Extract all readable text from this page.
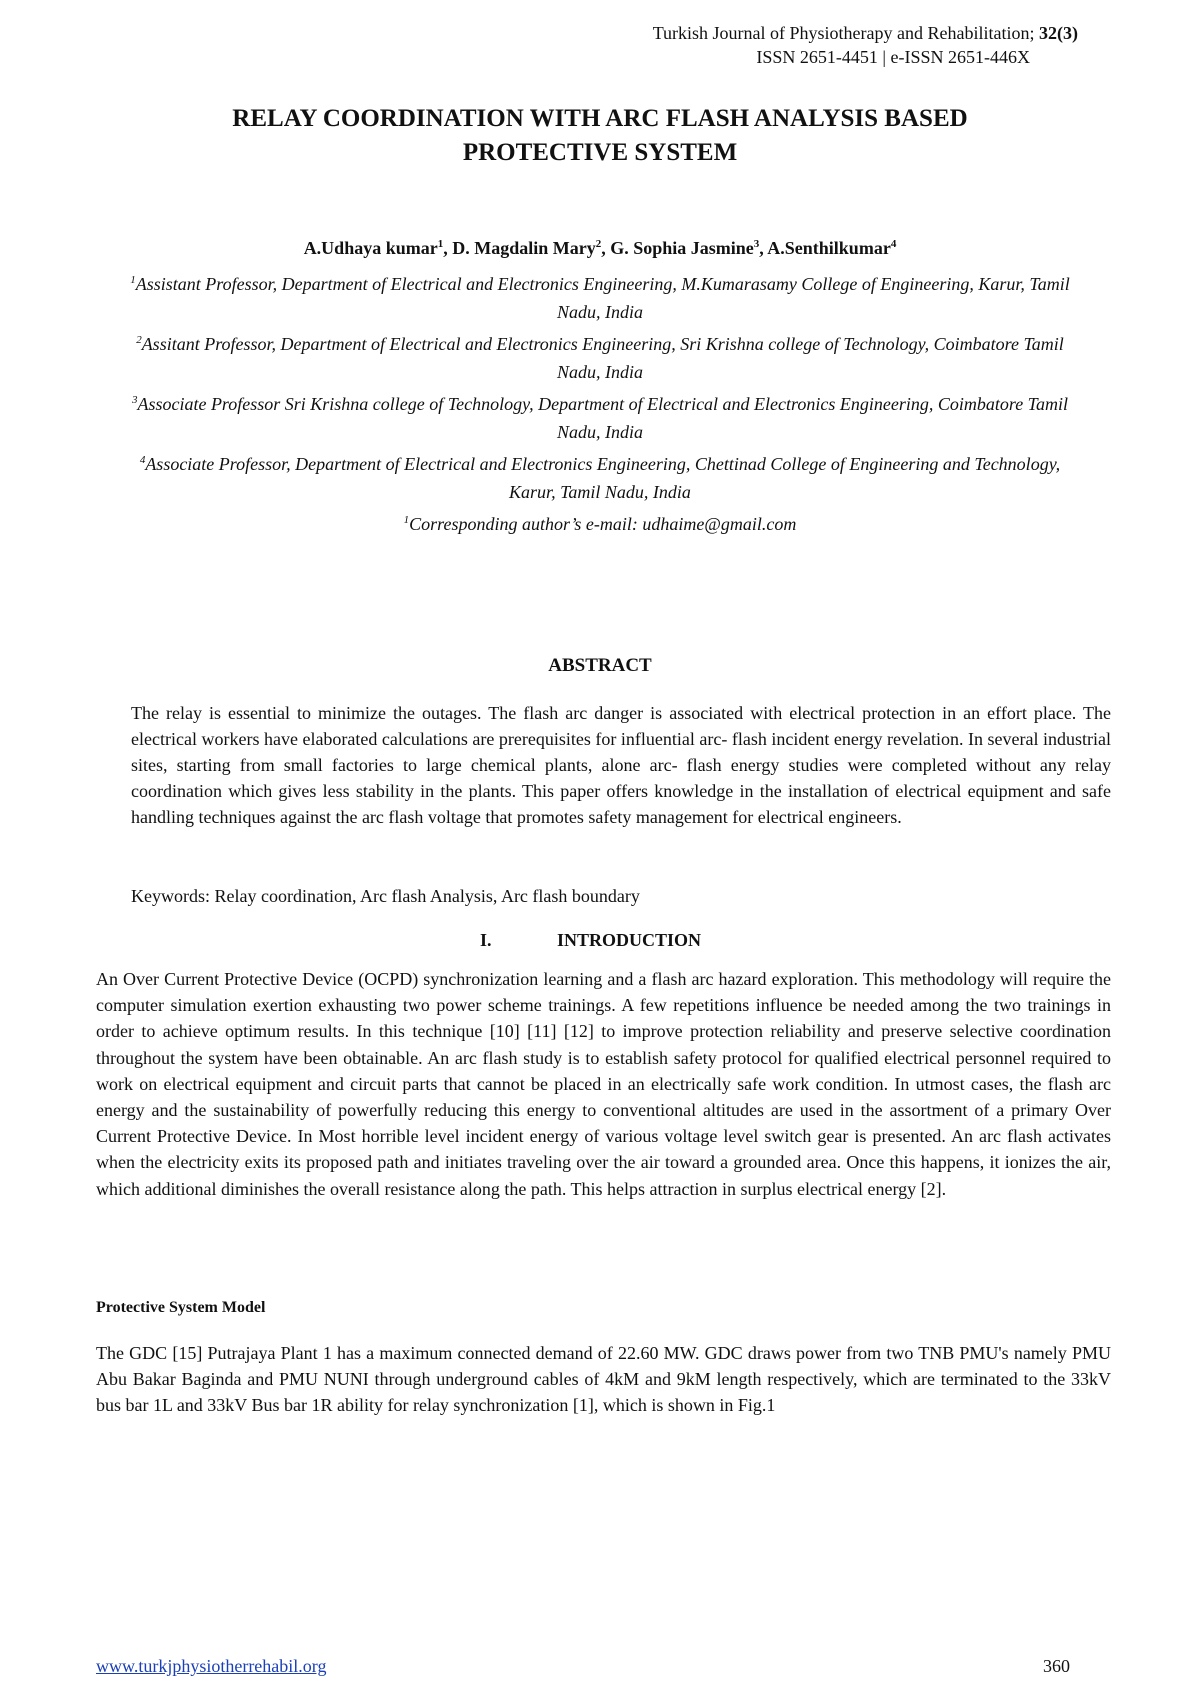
Turkish Journal of Physiotherapy and Rehabilitation; 32(3)
ISSN 2651-4451 | e-ISSN 2651-446X
RELAY COORDINATION WITH ARC FLASH ANALYSIS BASED
PROTECTIVE SYSTEM
A.Udhaya kumar$^1$, D. Magdalin Mary$^2$, G. Sophia Jasmine$^3$, A.Senthilkumar$^4$
$^1$Assistant Professor, Department of Electrical and Electronics Engineering, M.Kumarasamy College of Engineering, Karur, Tamil Nadu, India
$^2$Assitant Professor, Department of Electrical and Electronics Engineering, Sri Krishna college of Technology, Coimbatore Tamil Nadu, India
$^3$Associate Professor Sri Krishna college of Technology, Department of Electrical and Electronics Engineering, Coimbatore Tamil Nadu, India
$^4$Associate Professor, Department of Electrical and Electronics Engineering, Chettinad College of Engineering and Technology, Karur, Tamil Nadu, India
$^1$Corresponding author’s e-mail: udhaime@gmail.com
ABSTRACT
The relay is essential to minimize the outages. The flash arc danger is associated with electrical protection in an effort place. The electrical workers have elaborated calculations are prerequisites for influential arc- flash incident energy revelation. In several industrial sites, starting from small factories to large chemical plants, alone arc- flash energy studies were completed without any relay coordination which gives less stability in the plants. This paper offers knowledge in the installation of electrical equipment and safe handling techniques against the arc flash voltage that promotes safety management for electrical engineers.
Keywords: Relay coordination, Arc flash Analysis, Arc flash boundary
I.	INTRODUCTION
An Over Current Protective Device (OCPD) synchronization learning and a flash arc hazard exploration. This methodology will require the computer simulation exertion exhausting two power scheme trainings. A few repetitions influence be needed among the two trainings in order to achieve optimum results. In this technique [10] [11] [12] to improve protection reliability and preserve selective coordination throughout the system have been obtainable. An arc flash study is to establish safety protocol for qualified electrical personnel required to work on electrical equipment and circuit parts that cannot be placed in an electrically safe work condition. In utmost cases, the flash arc energy and the sustainability of powerfully reducing this energy to conventional altitudes are used in the assortment of a primary Over Current Protective Device. In Most horrible level incident energy of various voltage level switch gear is presented. An arc flash activates when the electricity exits its proposed path and initiates traveling over the air toward a grounded area. Once this happens, it ionizes the air, which additional diminishes the overall resistance along the path. This helps attraction in surplus electrical energy [2].
Protective System Model
The GDC [15] Putrajaya Plant 1 has a maximum connected demand of 22.60 MW. GDC draws power from two TNB PMU's namely PMU Abu Bakar Baginda and PMU NUNI through underground cables of 4kM and 9kM length respectively, which are terminated to the 33kV bus bar 1L and 33kV Bus bar 1R ability for relay synchronization [1], which is shown in Fig.1
www.turkjphysiotherrehabil.org	360
